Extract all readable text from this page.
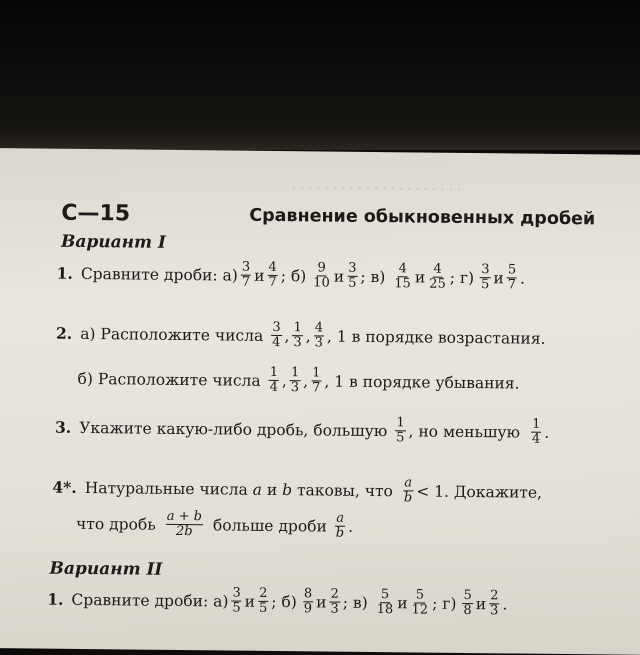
· · · · · · · · · · · · · · · · · · · · ·
С—15	Сравнение обыкновенных дробей
Вариант I
1. Сравните дроби: $а) \frac{3}{7}$ и $\frac{4}{7}$ ; $б) \frac{9}{10}$ и $\frac{3}{5}$ ; $в) \frac{4}{15}$ и $\frac{4}{25}$ ; $г) \frac{3}{5}$ и $\frac{5}{7}$ .
2. а) Расположите числа $\frac{3}{4}$ , $\frac{1}{3}$ , $\frac{4}{3}$ , 1 в порядке возрастания.
б) Расположите числа $\frac{1}{4}$ , $\frac{1}{3}$ , $\frac{1}{7}$ , 1 в порядке убывания.
3. Укажите какую-либо дробь, большую $\frac{1}{5}$ , но меньшую $\frac{1}{4}$ .
4*. Натуральные числа
a
и
b
таковы, что $\frac{a}{b} < 1$. Докажите,
что дробь $\frac{a + b}{2b}$ больше дроби $\frac{a}{b}$ .
Вариант II
1. Сравните дроби: $а) \frac{3}{5}$ и $\frac{2}{5}$ ; $б) \frac{8}{9}$ и $\frac{2}{3}$ ; $в) \frac{5}{18}$ и $\frac{5}{12}$ ; $г) \frac{5}{8}$ и $\frac{2}{3}$ .
